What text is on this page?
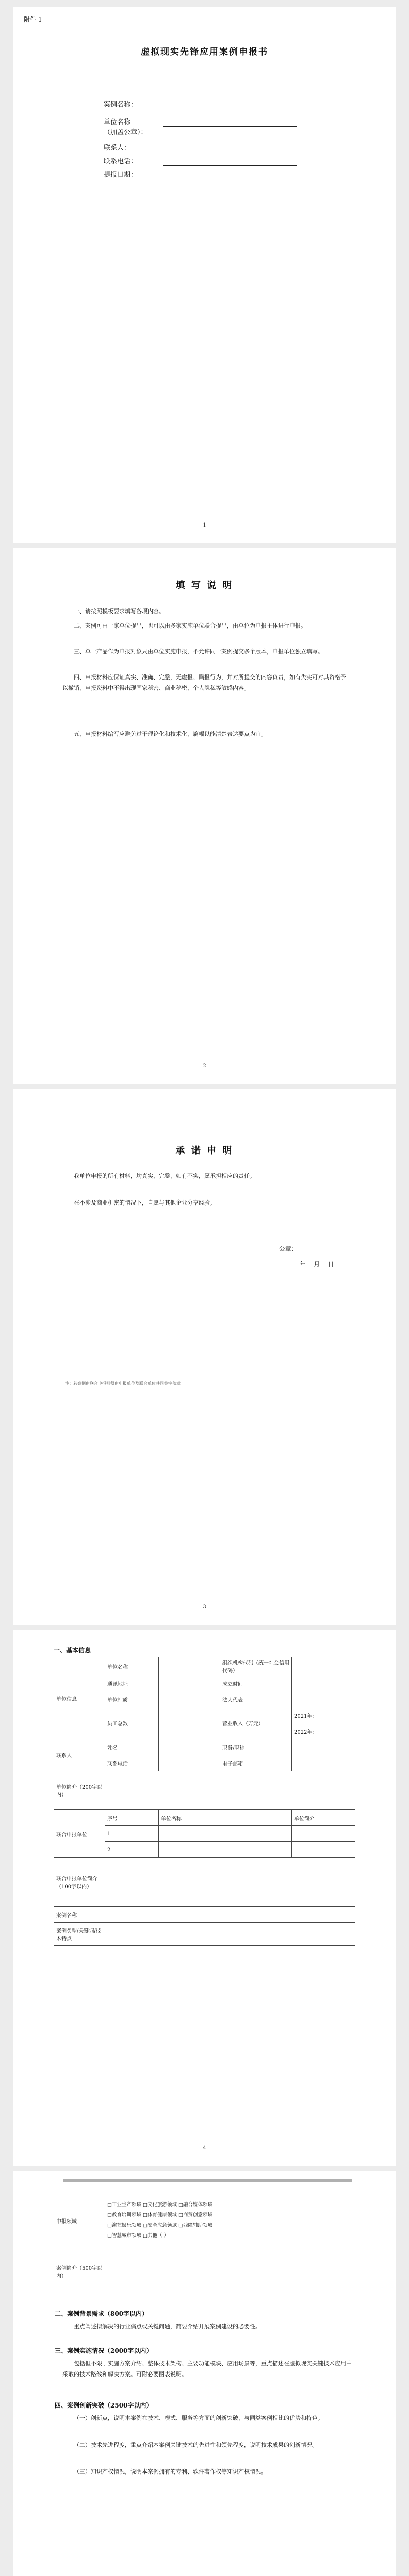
附件 1
虚拟现实先锋应用案例申报书
案例名称：
单位名称
（加盖公章）：
联系人：
联系电话：
提报日期：
1
填 写 说 明

一、请按照模板要求填写各项内容。

二、案例可由一家单位提出，也可以由多家实施单位联合提出，由单位为申报主体进行申报。

三、单一产品作为申报对象只由单位实施申报，不允许同一案例提交多个版本，申报单位独立填写。

四、申报材料应保证真实、准确、完整，无虚报、瞒报行为，并对所提交的内容负责，如有失实可对其资格予以撤销，申报资料中不得出现国家秘密、商业秘密、个人隐私等敏感内容。

五、申报材料编写应避免过于理论化和技术化，篇幅以能清楚表达要点为宜。

2
承 诺 申 明

我单位申报的所有材料，均真实、完整，如有不实，愿承担相应的责任。

在不涉及商业机密的情况下，自愿与其他企业分享经验。

公章：
年    月    日
注：若案例由联合申报则须由申报单位及联合单位共同签字盖章
3
一、基本信息
单位信息	单位名称		组织机构代码（统一社会信用代码）	
	通讯地址		成立时间	
	单位性质		法人代表	
	员工总数		营业收入（万元）	2021年：
				2022年：
联系人	姓名		职务/职称	
	联系电话		电子邮箱	
单位简介（200字以内）				
联合申报单位	序号	单位名称		单位简介
	1			
	2			
联合申报单位简介（100字以内）				
案例名称				
案例类型/关键词/技术特点				
4
申报领域	□工业生产领域 □文化旅游领域 □融合媒体领域
□教育培训领域 □体育健康领域 □商贸创意领域
□演艺娱乐领域 □安全应急领域 □残障辅助领域
□智慧城市领域 □其他（ ）

案例简介（500字以内）	
二、案例背景需求（800字以内）

重点阐述拟解决的行业痛点或关键问题，简要介绍开展案例建设的必要性。

三、案例实施情况（2000字以内）

包括但不限于实施方案介绍、整体技术架构、主要功能模块、应用场景等，重点描述在虚拟现实关键技术应用中采取的技术路线和解决方案。可附必要图表说明。

四、案例创新突破（2500字以内）

（一）创新点，说明本案例在技术、模式、服务等方面的创新突破，与同类案例相比的优势和特色。

（二）技术先进程度，重点介绍本案例关键技术的先进性和领先程度，说明技术成果的创新情况。

（三）知识产权情况，说明本案例拥有的专利、软件著作权等知识产权情况。
